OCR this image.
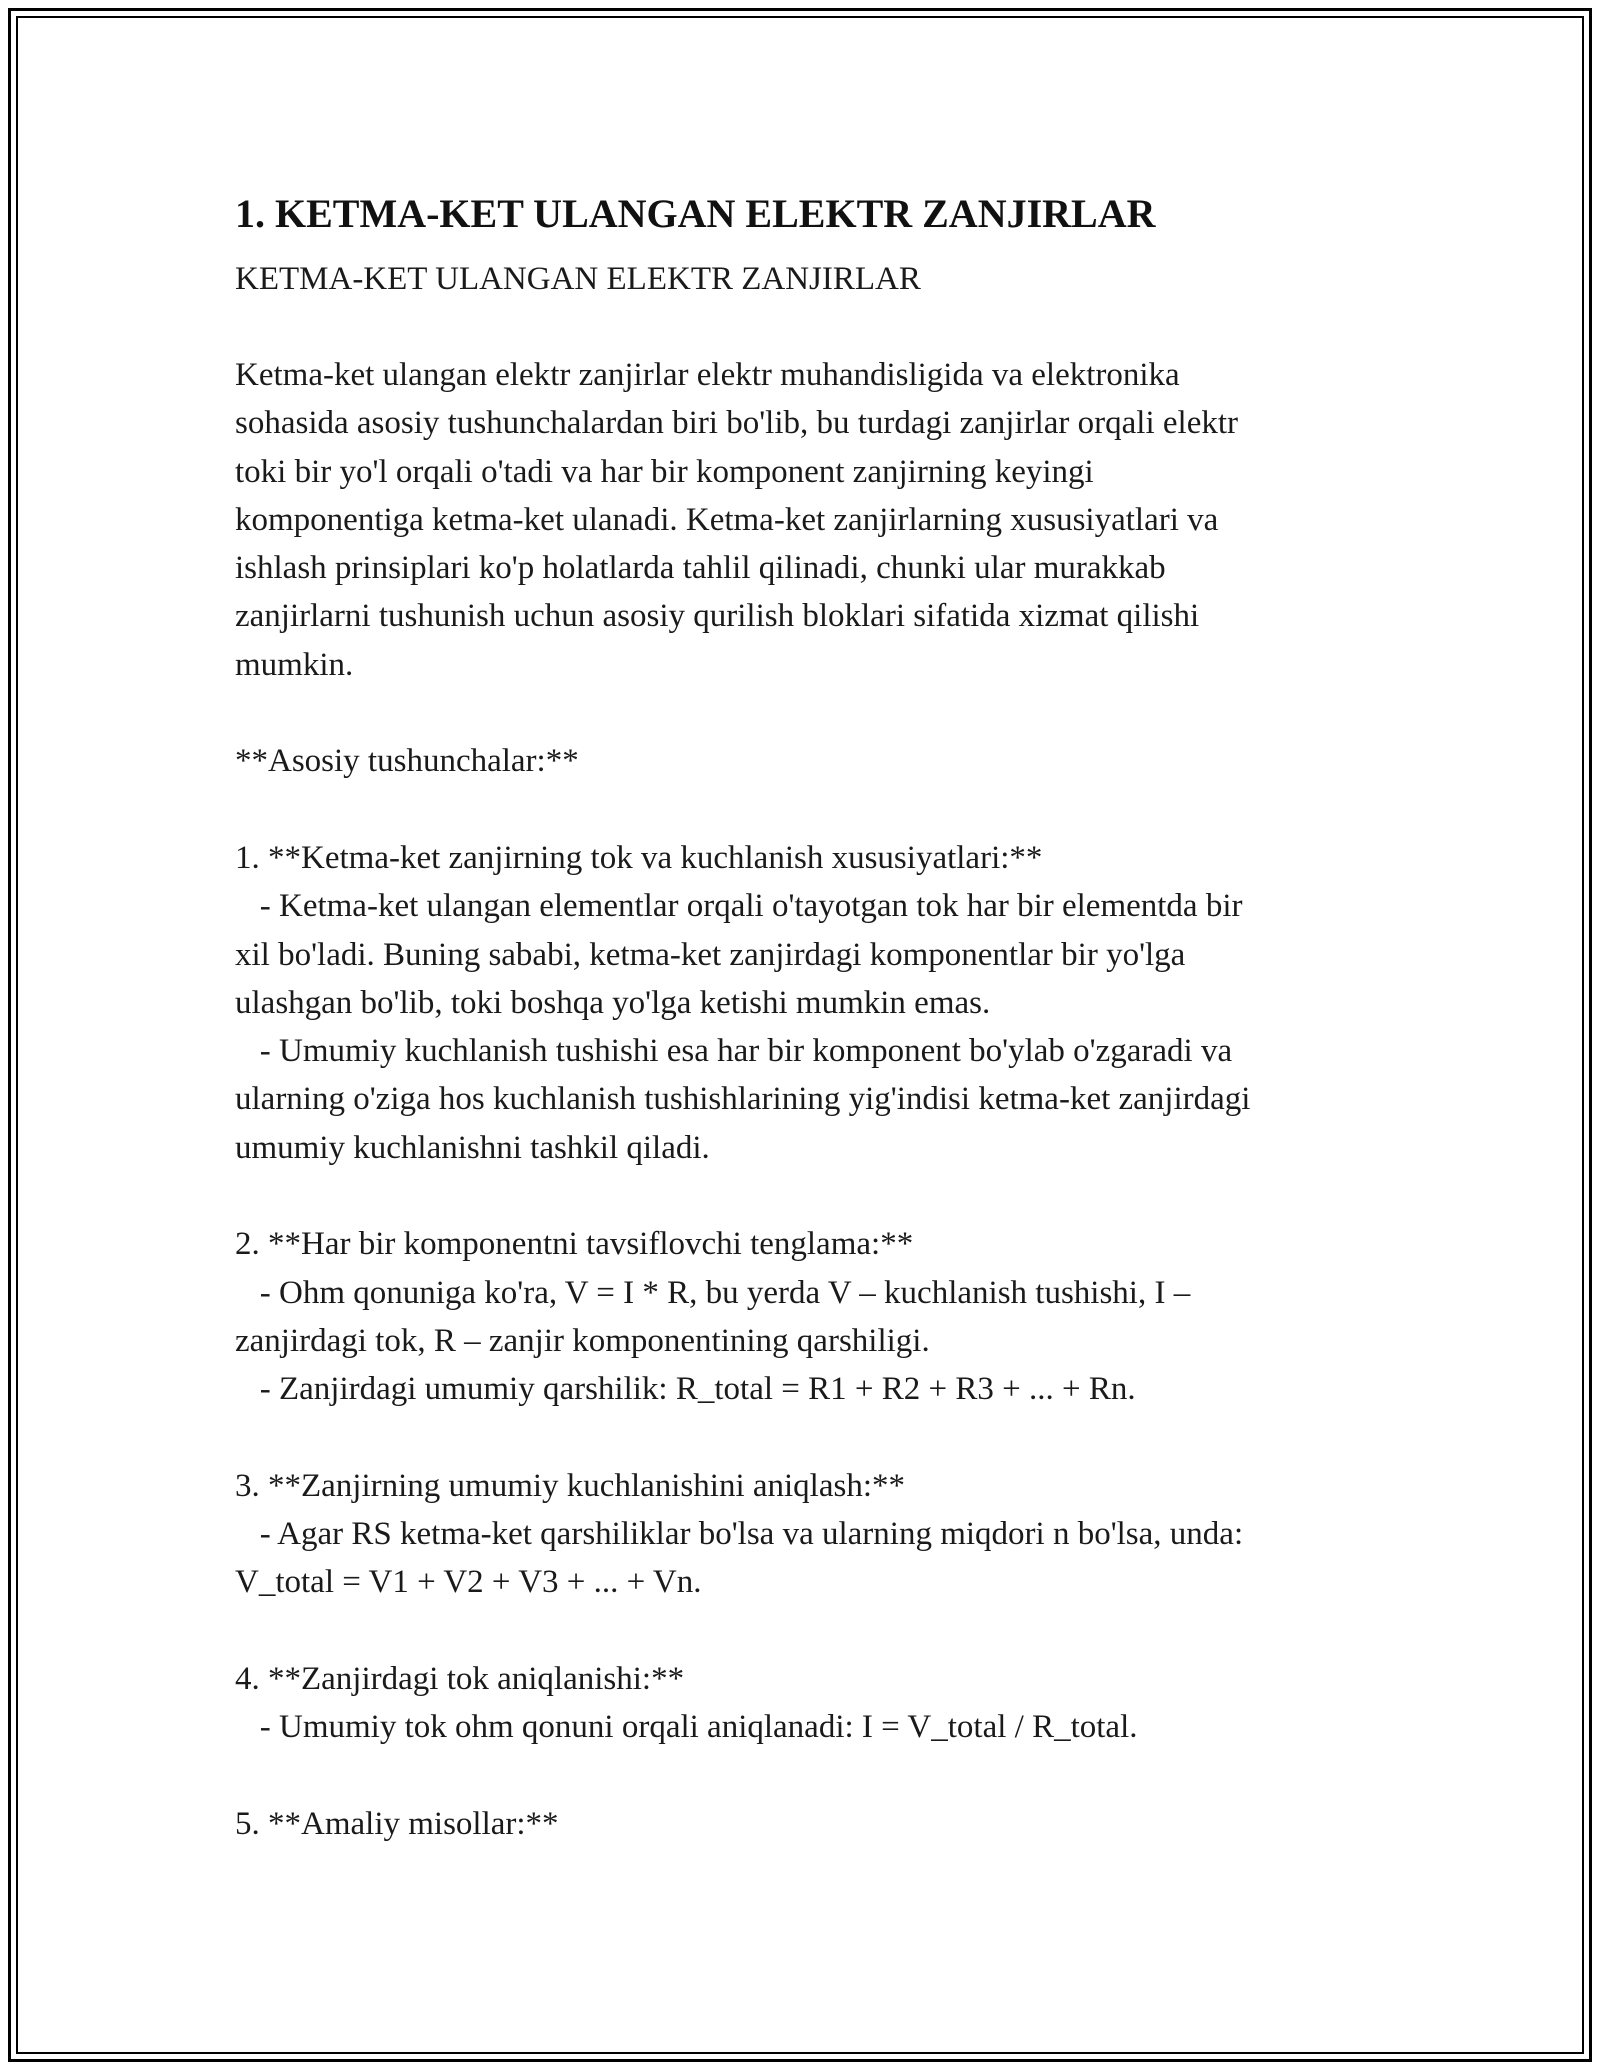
1. KETMA-KET ULANGAN ELEKTR ZANJIRLAR
KETMA-KET ULANGAN ELEKTR ZANJIRLAR
Ketma-ket ulangan elektr zanjirlar elektr muhandisligida va elektronika
sohasida asosiy tushunchalardan biri bo'lib, bu turdagi zanjirlar orqali elektr
toki bir yo'l orqali o'tadi va har bir komponent zanjirning keyingi
komponentiga ketma-ket ulanadi. Ketma-ket zanjirlarning xususiyatlari va
ishlash prinsiplari ko'p holatlarda tahlil qilinadi, chunki ular murakkab
zanjirlarni tushunish uchun asosiy qurilish bloklari sifatida xizmat qilishi
mumkin.
**Asosiy tushunchalar:**
1. **Ketma-ket zanjirning tok va kuchlanish xususiyatlari:**
- Ketma-ket ulangan elementlar orqali o'tayotgan tok har bir elementda bir
xil bo'ladi. Buning sababi, ketma-ket zanjirdagi komponentlar bir yo'lga
ulashgan bo'lib, toki boshqa yo'lga ketishi mumkin emas.
- Umumiy kuchlanish tushishi esa har bir komponent bo'ylab o'zgaradi va
ularning o'ziga hos kuchlanish tushishlarining yig'indisi ketma-ket zanjirdagi
umumiy kuchlanishni tashkil qiladi.
2. **Har bir komponentni tavsiflovchi tenglama:**
- Ohm qonuniga ko'ra, V = I * R, bu yerda V – kuchlanish tushishi, I –
zanjirdagi tok, R – zanjir komponentining qarshiligi.
- Zanjirdagi umumiy qarshilik: R_total = R1 + R2 + R3 + ... + Rn.
3. **Zanjirning umumiy kuchlanishini aniqlash:**
- Agar RS ketma-ket qarshiliklar bo'lsa va ularning miqdori n bo'lsa, unda:
V_total = V1 + V2 + V3 + ... + Vn.
4. **Zanjirdagi tok aniqlanishi:**
- Umumiy tok ohm qonuni orqali aniqlanadi: I = V_total / R_total.
5. **Amaliy misollar:**
